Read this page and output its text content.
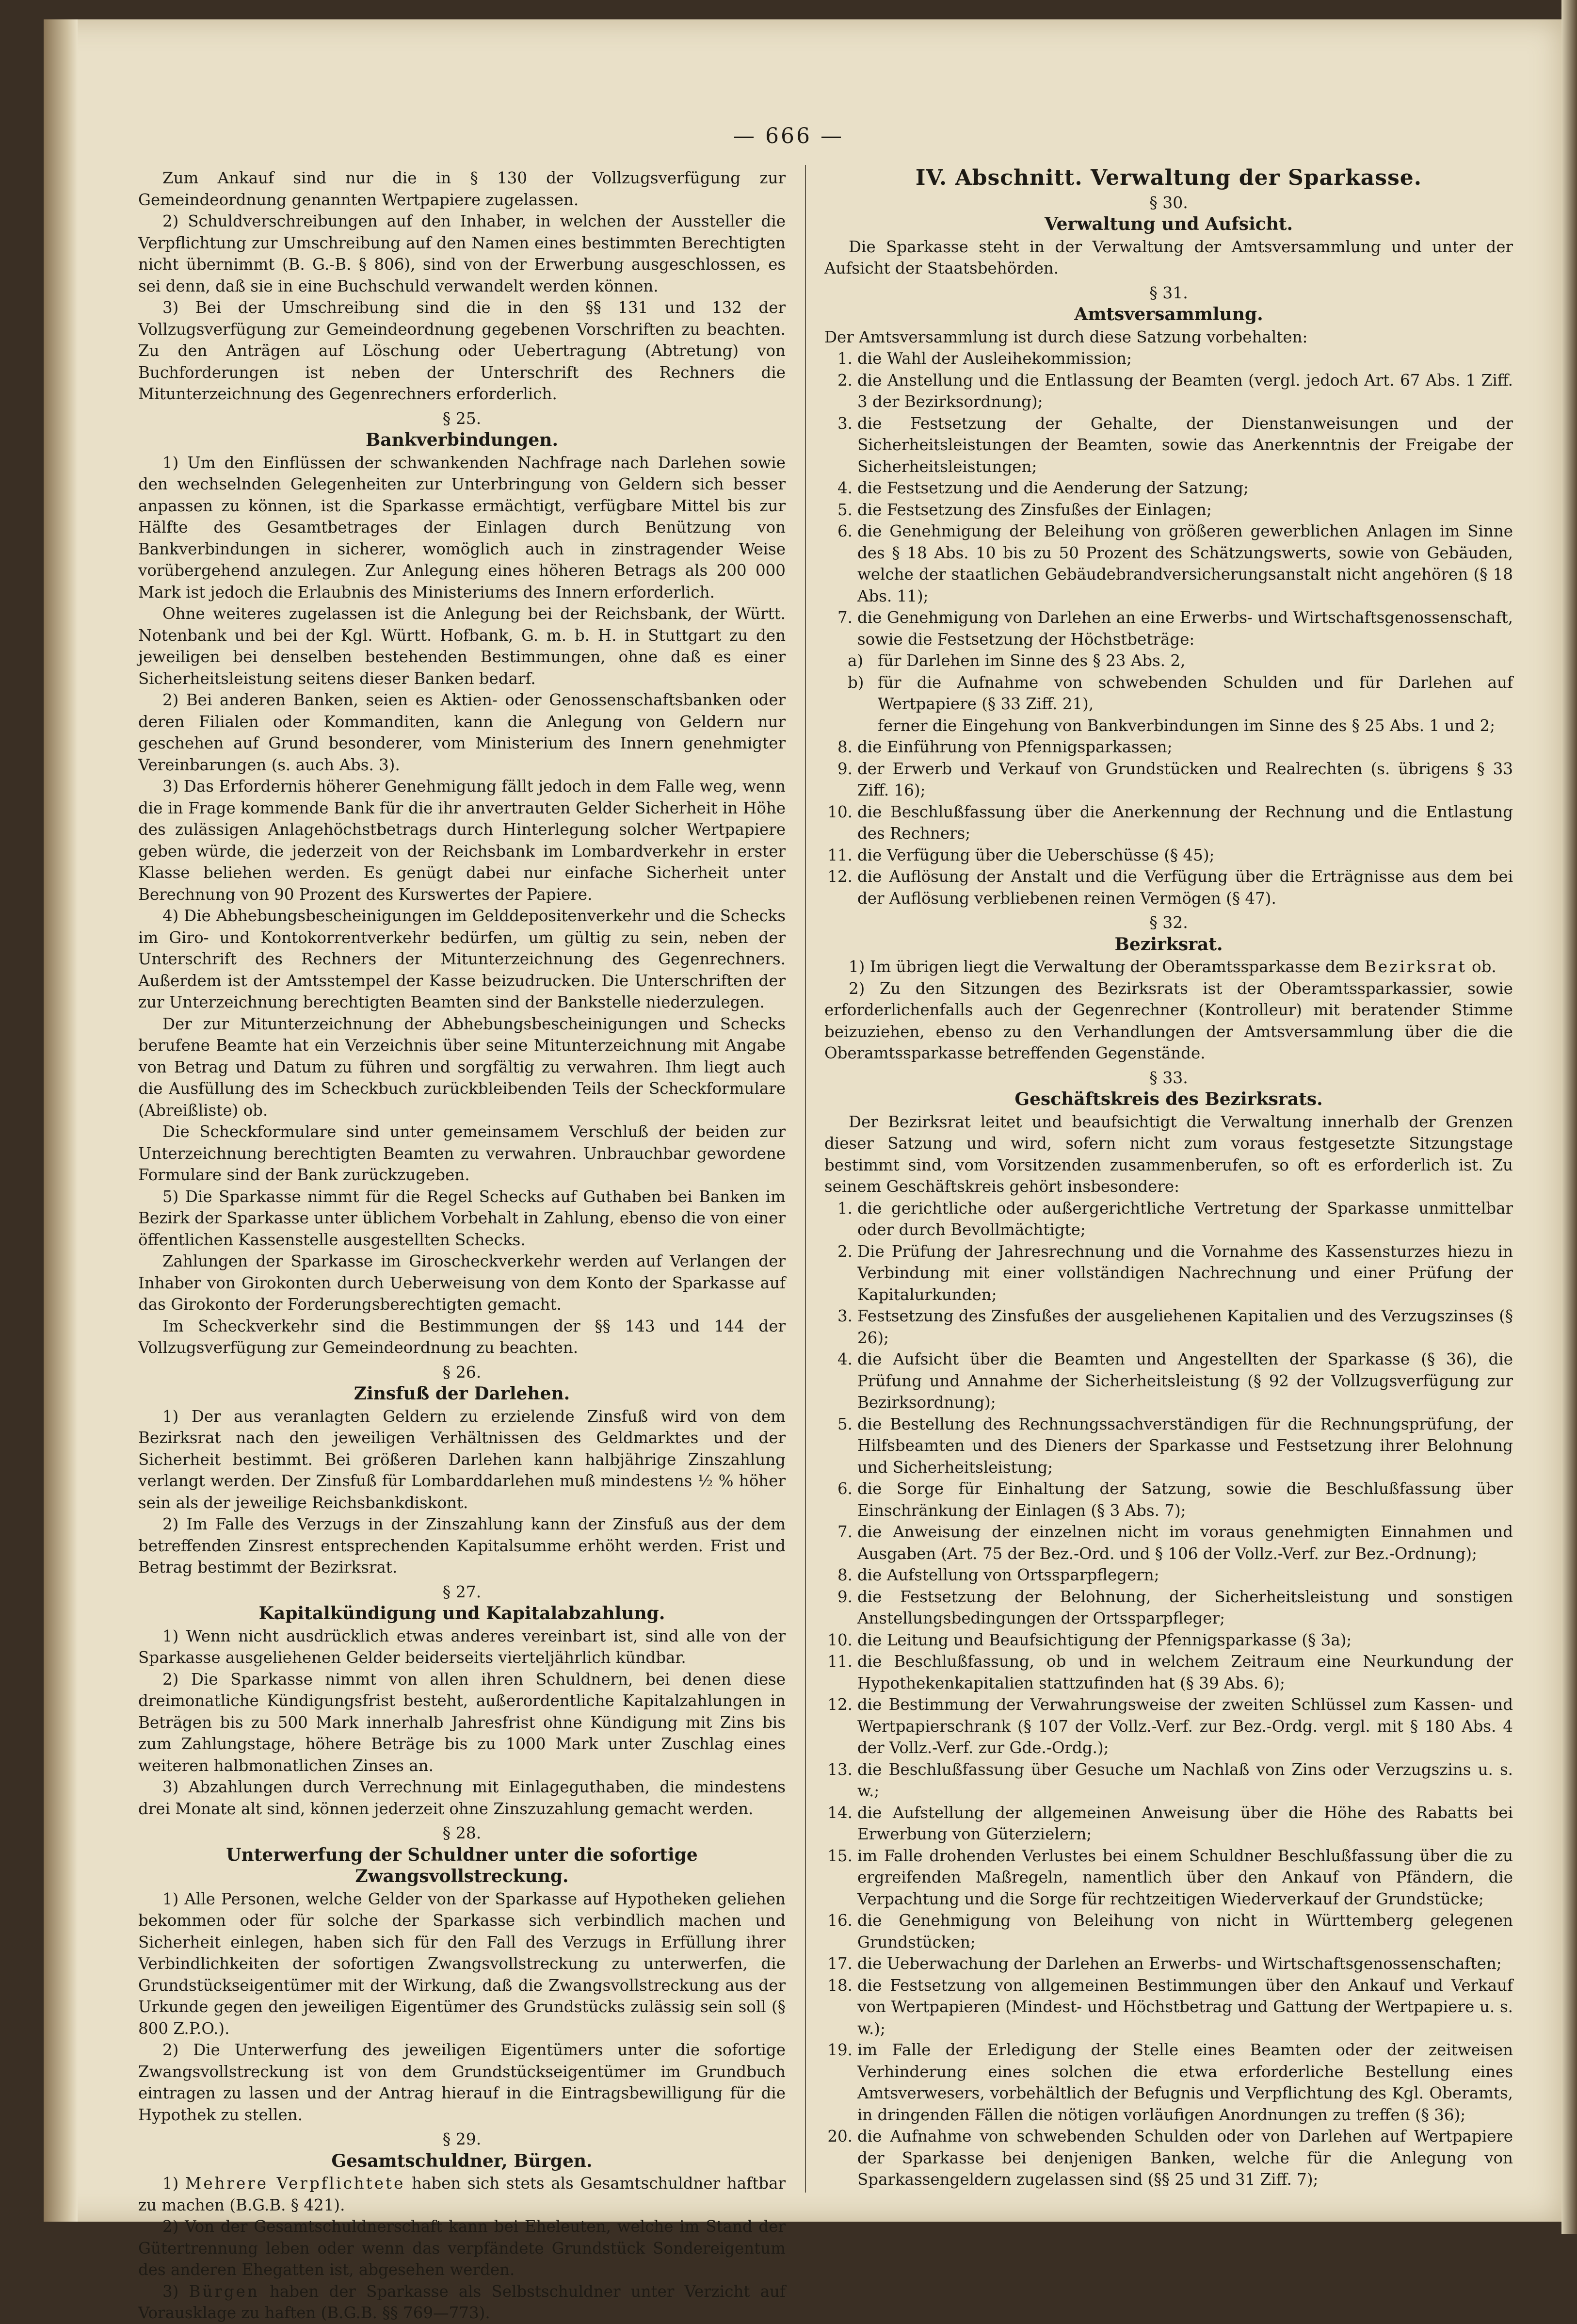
— 666 —

Zum Ankauf sind nur die in § 130 der Vollzugsverfügung zur Gemeindeordnung genannten Wertpapiere zugelassen.

2) Schuldverschreibungen auf den Inhaber, in welchen der Aussteller die Verpflichtung zur Umschreibung auf den Namen eines bestimmten Berechtigten nicht übernimmt (B. G.-B. § 806), sind von der Erwerbung ausgeschlossen, es sei denn, daß sie in eine Buchschuld verwandelt werden können.

3) Bei der Umschreibung sind die in den §§ 131 und 132 der Vollzugsverfügung zur Gemeindeordnung gegebenen Vorschriften zu beachten. Zu den Anträgen auf Löschung oder Uebertragung (Abtretung) von Buchforderungen ist neben der Unterschrift des Rechners die Mitunterzeichnung des Gegenrechners erforderlich.

§ 25.
Bankverbindungen.

1) Um den Einflüssen der schwankenden Nachfrage nach Darlehen sowie den wechselnden Gelegenheiten zur Unterbringung von Geldern sich besser anpassen zu können, ist die Sparkasse ermächtigt, verfügbare Mittel bis zur Hälfte des Gesamtbetrages der Einlagen durch Benützung von Bankverbindungen in sicherer, womöglich auch in zinstragender Weise vorübergehend anzulegen. Zur Anlegung eines höheren Betrags als 200 000 Mark ist jedoch die Erlaubnis des Ministeriums des Innern erforderlich.

Ohne weiteres zugelassen ist die Anlegung bei der Reichsbank, der Württ. Notenbank und bei der Kgl. Württ. Hofbank, G. m. b. H. in Stuttgart zu den jeweiligen bei denselben bestehenden Bestimmungen, ohne daß es einer Sicherheitsleistung seitens dieser Banken bedarf.

2) Bei anderen Banken, seien es Aktien- oder Genossenschaftsbanken oder deren Filialen oder Kommanditen, kann die Anlegung von Geldern nur geschehen auf Grund besonderer, vom Ministerium des Innern genehmigter Vereinbarungen (s. auch Abs. 3).

3) Das Erfordernis höherer Genehmigung fällt jedoch in dem Falle weg, wenn die in Frage kommende Bank für die ihr anvertrauten Gelder Sicherheit in Höhe des zulässigen Anlagehöchstbetrags durch Hinterlegung solcher Wertpapiere geben würde, die jederzeit von der Reichsbank im Lombardverkehr in erster Klasse beliehen werden. Es genügt dabei nur einfache Sicherheit unter Berechnung von 90 Prozent des Kurswertes der Papiere.

4) Die Abhebungsbescheinigungen im Gelddepositenverkehr und die Schecks im Giro- und Kontokorrentverkehr bedürfen, um gültig zu sein, neben der Unterschrift des Rechners der Mitunterzeichnung des Gegenrechners. Außerdem ist der Amtsstempel der Kasse beizudrucken. Die Unterschriften der zur Unterzeichnung berechtigten Beamten sind der Bankstelle niederzulegen.

Der zur Mitunterzeichnung der Abhebungsbescheinigungen und Schecks berufene Beamte hat ein Verzeichnis über seine Mitunterzeichnung mit Angabe von Betrag und Datum zu führen und sorgfältig zu verwahren. Ihm liegt auch die Ausfüllung des im Scheckbuch zurückbleibenden Teils der Scheckformulare (Abreißliste) ob.

Die Scheckformulare sind unter gemeinsamem Verschluß der beiden zur Unterzeichnung berechtigten Beamten zu verwahren. Unbrauchbar gewordene Formulare sind der Bank zurückzugeben.

5) Die Sparkasse nimmt für die Regel Schecks auf Guthaben bei Banken im Bezirk der Sparkasse unter üblichem Vorbehalt in Zahlung, ebenso die von einer öffentlichen Kassenstelle ausgestellten Schecks.

Zahlungen der Sparkasse im Giroscheckverkehr werden auf Verlangen der Inhaber von Girokonten durch Ueberweisung von dem Konto der Sparkasse auf das Girokonto der Forderungsberechtigten gemacht.

Im Scheckverkehr sind die Bestimmungen der §§ 143 und 144 der Vollzugsverfügung zur Gemeindeordnung zu beachten.

§ 26.
Zinsfuß der Darlehen.

1) Der aus veranlagten Geldern zu erzielende Zinsfuß wird von dem Bezirksrat nach den jeweiligen Verhältnissen des Geldmarktes und der Sicherheit bestimmt. Bei größeren Darlehen kann halbjährige Zinszahlung verlangt werden. Der Zinsfuß für Lombarddarlehen muß mindestens ½ % höher sein als der jeweilige Reichsbankdiskont.

2) Im Falle des Verzugs in der Zinszahlung kann der Zinsfuß aus der dem betreffenden Zinsrest entsprechenden Kapitalsumme erhöht werden. Frist und Betrag bestimmt der Bezirksrat.

§ 27.
Kapitalkündigung und Kapitalabzahlung.

1) Wenn nicht ausdrücklich etwas anderes vereinbart ist, sind alle von der Sparkasse ausgeliehenen Gelder beiderseits vierteljährlich kündbar.

2) Die Sparkasse nimmt von allen ihren Schuldnern, bei denen diese dreimonatliche Kündigungsfrist besteht, außerordentliche Kapitalzahlungen in Beträgen bis zu 500 Mark innerhalb Jahresfrist ohne Kündigung mit Zins bis zum Zahlungstage, höhere Beträge bis zu 1000 Mark unter Zuschlag eines weiteren halbmonatlichen Zinses an.

3) Abzahlungen durch Verrechnung mit Einlageguthaben, die mindestens drei Monate alt sind, können jederzeit ohne Zinszuzahlung gemacht werden.

§ 28.
Unterwerfung der Schuldner unter die sofortige Zwangsvollstreckung.

1) Alle Personen, welche Gelder von der Sparkasse auf Hypotheken geliehen bekommen oder für solche der Sparkasse sich verbindlich machen und Sicherheit einlegen, haben sich für den Fall des Verzugs in Erfüllung ihrer Verbindlichkeiten der sofortigen Zwangsvollstreckung zu unterwerfen, die Grundstückseigentümer mit der Wirkung, daß die Zwangsvollstreckung aus der Urkunde gegen den jeweiligen Eigentümer des Grundstücks zulässig sein soll (§ 800 Z.P.O.).

2) Die Unterwerfung des jeweiligen Eigentümers unter die sofortige Zwangsvollstreckung ist von dem Grundstückseigentümer im Grundbuch eintragen zu lassen und der Antrag hierauf in die Eintragsbewilligung für die Hypothek zu stellen.

§ 29.
Gesamtschuldner, Bürgen.

1) Mehrere Verpflichtete haben sich stets als Gesamtschuldner haftbar zu machen (B.G.B. § 421).

2) Von der Gesamtschuldnerschaft kann bei Eheleuten, welche im Stand der Gütertrennung leben oder wenn das verpfändete Grundstück Sondereigentum des anderen Ehegatten ist, abgesehen werden.

3) Bürgen haben der Sparkasse als Selbstschuldner unter Verzicht auf Vorausklage zu haften (B.G.B. §§ 769—773).

IV. Abschnitt. Verwaltung der Sparkasse.
§ 30.
Verwaltung und Aufsicht.

Die Sparkasse steht in der Verwaltung der Amtsversammlung und unter der Aufsicht der Staatsbehörden.

§ 31.
Amtsversammlung.

Der Amtsversammlung ist durch diese Satzung vorbehalten:

1. die Wahl der Ausleihekommission;
2. die Anstellung und die Entlassung der Beamten (vergl. jedoch Art. 67 Abs. 1 Ziff. 3 der Bezirksordnung);
3. die Festsetzung der Gehalte, der Dienstanweisungen und der Sicherheitsleistungen der Beamten, sowie das Anerkenntnis der Freigabe der Sicherheitsleistungen;
4. die Festsetzung und die Aenderung der Satzung;
5. die Festsetzung des Zinsfußes der Einlagen;
6. die Genehmigung der Beleihung von größeren gewerblichen Anlagen im Sinne des § 18 Abs. 10 bis zu 50 Prozent des Schätzungswerts, sowie von Gebäuden, welche der staatlichen Gebäudebrandversicherungsanstalt nicht angehören (§ 18 Abs. 11);
7. die Genehmigung von Darlehen an eine Erwerbs- und Wirtschaftsgenossenschaft, sowie die Festsetzung der Höchstbeträge:
a) für Darlehen im Sinne des § 23 Abs. 2,
b) für die Aufnahme von schwebenden Schulden und für Darlehen auf Wertpapiere (§ 33 Ziff. 21),
ferner die Eingehung von Bankverbindungen im Sinne des § 25 Abs. 1 und 2;
8. die Einführung von Pfennigsparkassen;
9. der Erwerb und Verkauf von Grundstücken und Realrechten (s. übrigens § 33 Ziff. 16);
10. die Beschlußfassung über die Anerkennung der Rechnung und die Entlastung des Rechners;
11. die Verfügung über die Ueberschüsse (§ 45);
12. die Auflösung der Anstalt und die Verfügung über die Erträgnisse aus dem bei der Auflösung verbliebenen reinen Vermögen (§ 47).
§ 32.
Bezirksrat.

1) Im übrigen liegt die Verwaltung der Oberamtssparkasse dem Bezirksrat ob.

2) Zu den Sitzungen des Bezirksrats ist der Oberamtssparkassier, sowie erforderlichenfalls auch der Gegenrechner (Kontrolleur) mit beratender Stimme beizuziehen, ebenso zu den Verhandlungen der Amtsversammlung über die die Oberamtssparkasse betreffenden Gegenstände.

§ 33.
Geschäftskreis des Bezirksrats.

Der Bezirksrat leitet und beaufsichtigt die Verwaltung innerhalb der Grenzen dieser Satzung und wird, sofern nicht zum voraus festgesetzte Sitzungstage bestimmt sind, vom Vorsitzenden zusammenberufen, so oft es erforderlich ist. Zu seinem Geschäftskreis gehört insbesondere:

1. die gerichtliche oder außergerichtliche Vertretung der Sparkasse unmittelbar oder durch Bevollmächtigte;
2. Die Prüfung der Jahresrechnung und die Vornahme des Kassensturzes hiezu in Verbindung mit einer vollständigen Nachrechnung und einer Prüfung der Kapitalurkunden;
3. Festsetzung des Zinsfußes der ausgeliehenen Kapitalien und des Verzugszinses (§ 26);
4. die Aufsicht über die Beamten und Angestellten der Sparkasse (§ 36), die Prüfung und Annahme der Sicherheitsleistung (§ 92 der Vollzugsverfügung zur Bezirksordnung);
5. die Bestellung des Rechnungssachverständigen für die Rechnungsprüfung, der Hilfsbeamten und des Dieners der Sparkasse und Festsetzung ihrer Belohnung und Sicherheitsleistung;
6. die Sorge für Einhaltung der Satzung, sowie die Beschlußfassung über Einschränkung der Einlagen (§ 3 Abs. 7);
7. die Anweisung der einzelnen nicht im voraus genehmigten Einnahmen und Ausgaben (Art. 75 der Bez.-Ord. und § 106 der Vollz.-Verf. zur Bez.-Ordnung);
8. die Aufstellung von Ortssparpflegern;
9. die Festsetzung der Belohnung, der Sicherheitsleistung und sonstigen Anstellungsbedingungen der Ortssparpfleger;
10. die Leitung und Beaufsichtigung der Pfennigsparkasse (§ 3a);
11. die Beschlußfassung, ob und in welchem Zeitraum eine Neurkundung der Hypothekenkapitalien stattzufinden hat (§ 39 Abs. 6);
12. die Bestimmung der Verwahrungsweise der zweiten Schlüssel zum Kassen- und Wertpapierschrank (§ 107 der Vollz.-Verf. zur Bez.-Ordg. vergl. mit § 180 Abs. 4 der Vollz.-Verf. zur Gde.-Ordg.);
13. die Beschlußfassung über Gesuche um Nachlaß von Zins oder Verzugszins u. s. w.;
14. die Aufstellung der allgemeinen Anweisung über die Höhe des Rabatts bei Erwerbung von Güterzielern;
15. im Falle drohenden Verlustes bei einem Schuldner Beschlußfassung über die zu ergreifenden Maßregeln, namentlich über den Ankauf von Pfändern, die Verpachtung und die Sorge für rechtzeitigen Wiederverkauf der Grundstücke;
16. die Genehmigung von Beleihung von nicht in Württemberg gelegenen Grundstücken;
17. die Ueberwachung der Darlehen an Erwerbs- und Wirtschaftsgenossenschaften;
18. die Festsetzung von allgemeinen Bestimmungen über den Ankauf und Verkauf von Wertpapieren (Mindest- und Höchstbetrag und Gattung der Wertpapiere u. s. w.);
19. im Falle der Erledigung der Stelle eines Beamten oder der zeitweisen Verhinderung eines solchen die etwa erforderliche Bestellung eines Amtsverwesers, vorbehältlich der Befugnis und Verpflichtung des Kgl. Oberamts, in dringenden Fällen die nötigen vorläufigen Anordnungen zu treffen (§ 36);
20. die Aufnahme von schwebenden Schulden oder von Darlehen auf Wertpapiere der Sparkasse bei denjenigen Banken, welche für die Anlegung von Sparkassengeldern zugelassen sind (§§ 25 und 31 Ziff. 7);
